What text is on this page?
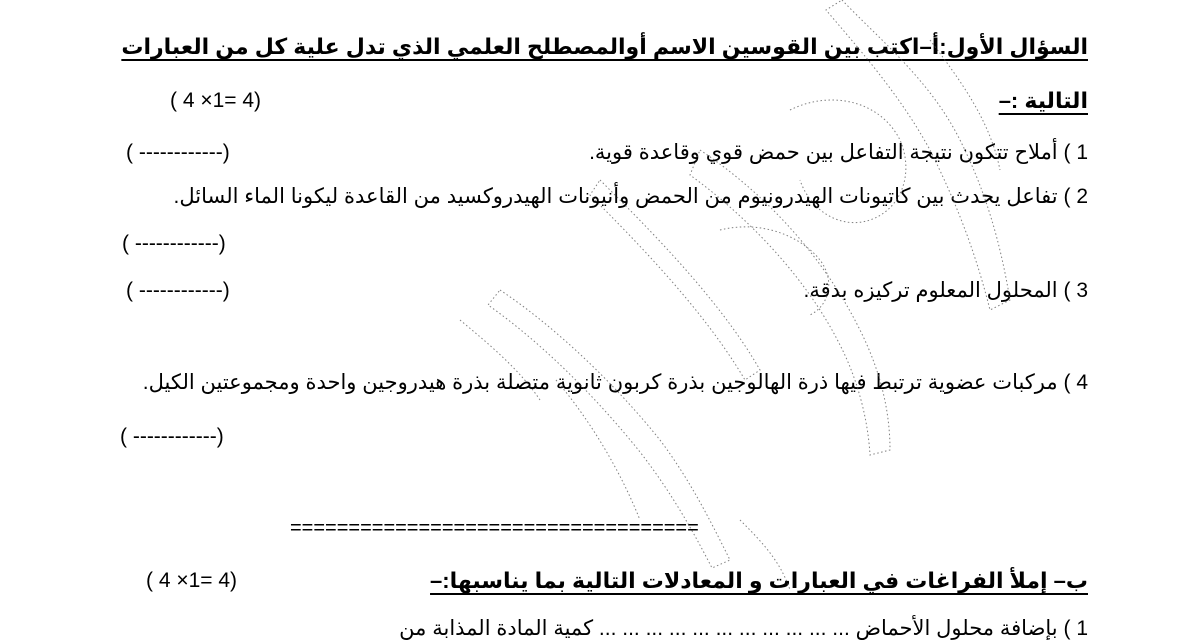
السؤال الأول:أ–اكتب بين القوسين الاسم أوالمصطلح العلمي الذي تدل علية كل من العبارات
التالية :–
( 4 ×1= 4)
1 ) أملاح تتكون نتيجة التفاعل بين حمض قوي وقاعدة قوية.
(------------ )
2 ) تفاعل يحدث بين كاتيونات الهيدرونيوم من الحمض وأنيونات الهيدروكسيد من القاعدة ليكونا الماء السائل.
(------------ )
3 ) المحلول المعلوم تركيزه بدقة.
(------------ )
4 ) مركبات عضوية ترتبط فيها ذرة الهالوجين بذرة كربون ثانوية متصلة بذرة هيدروجين واحدة ومجموعتين الكيل.
(------------ )
===================================
ب– إملأ الفراغات في العبارات و المعادلات التالية بما يناسبها:–
( 4 ×1= 4)
1 ) بإضافة محلول الأحماض ... ... ... ... ... ... ... ... ... ... ... كمية المادة المذابة من
